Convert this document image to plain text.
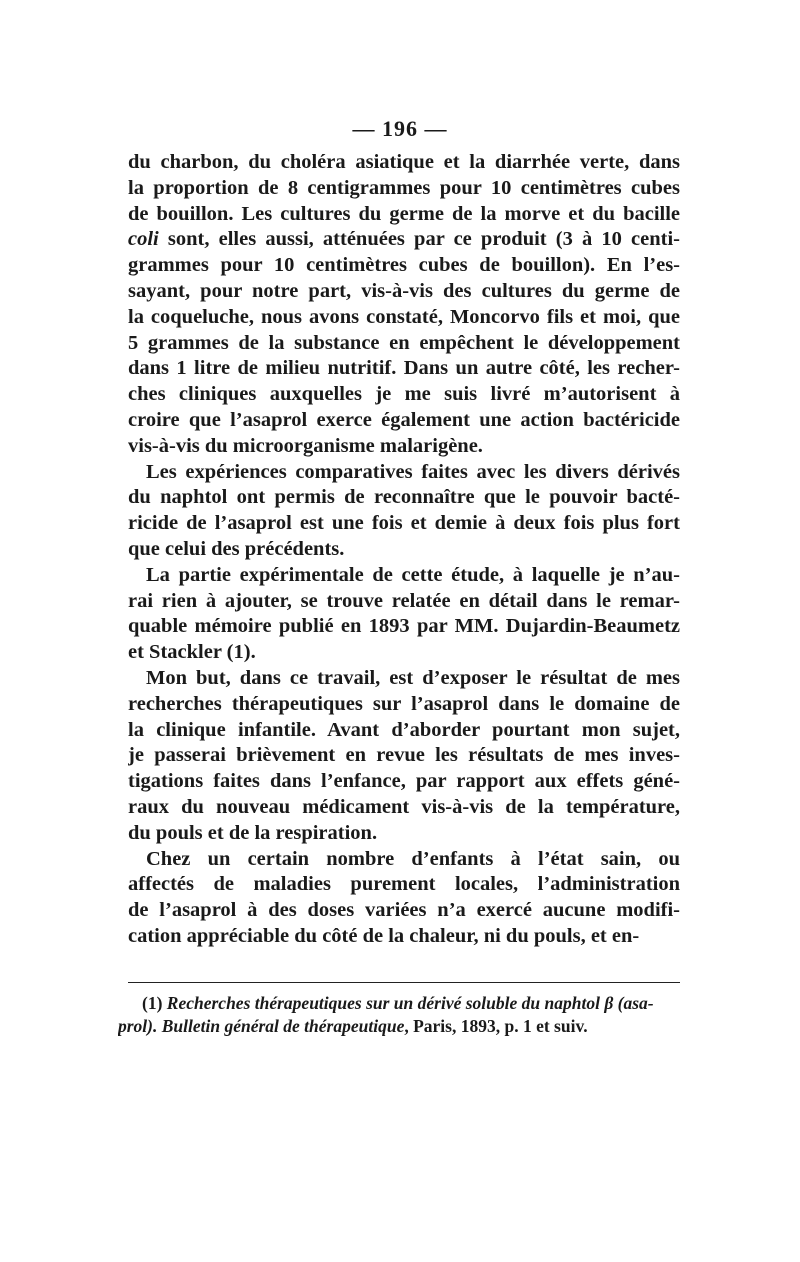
— 196 —
du charbon, du choléra asiatique et la diarrhée verte, dans
la proportion de 8 centigrammes pour 10 centimètres cubes
de bouillon. Les cultures du germe de la morve et du bacille
coli sont, elles aussi, atténuées par ce produit (3 à 10 centi-
grammes pour 10 centimètres cubes de bouillon). En l’es-
sayant, pour notre part, vis-à-vis des cultures du germe de
la coqueluche, nous avons constaté, Moncorvo fils et moi, que
5 grammes de la substance en empêchent le développement
dans 1 litre de milieu nutritif. Dans un autre côté, les recher-
ches cliniques auxquelles je me suis livré m’autorisent à
croire que l’asaprol exerce également une action bactéricide
vis-à-vis du microorganisme malarigène.
Les expériences comparatives faites avec les divers dérivés
du naphtol ont permis de reconnaître que le pouvoir bacté-
ricide de l’asaprol est une fois et demie à deux fois plus fort
que celui des précédents.
La partie expérimentale de cette étude, à laquelle je n’au-
rai rien à ajouter, se trouve relatée en détail dans le remar-
quable mémoire publié en 1893 par MM. Dujardin-Beaumetz
et Stackler (1).
Mon but, dans ce travail, est d’exposer le résultat de mes
recherches thérapeutiques sur l’asaprol dans le domaine de
la clinique infantile. Avant d’aborder pourtant mon sujet,
je passerai brièvement en revue les résultats de mes inves-
tigations faites dans l’enfance, par rapport aux effets géné-
raux du nouveau médicament vis-à-vis de la température,
du pouls et de la respiration.
Chez un certain nombre d’enfants à l’état sain, ou
affectés de maladies purement locales, l’administration
de l’asaprol à des doses variées n’a exercé aucune modifi-
cation appréciable du côté de la chaleur, ni du pouls, et en-
(1) Recherches thérapeutiques sur un dérivé soluble du naphtol β (asa-
prol). Bulletin général de thérapeutique, Paris, 1893, p. 1 et suiv.
